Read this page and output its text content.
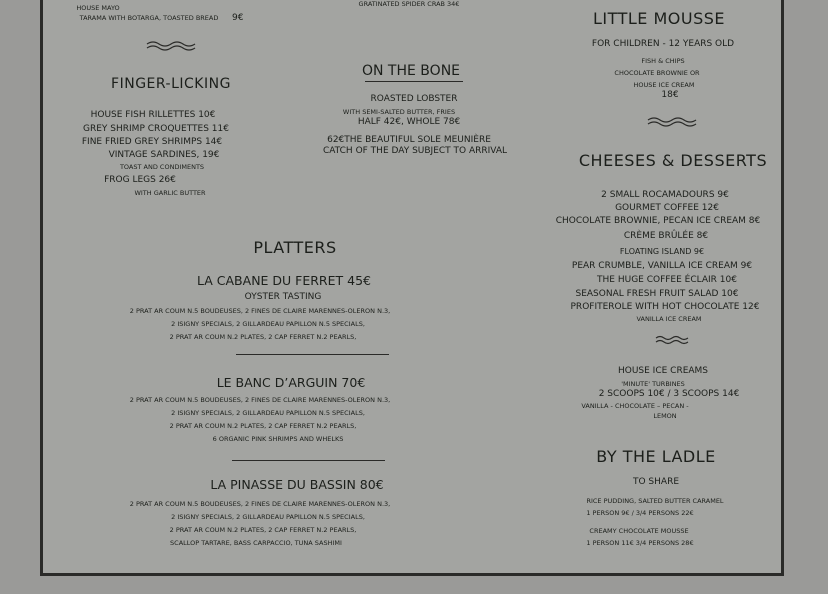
HOUSE MAYO
TARAMA WITH BOTARGA, TOASTED BREAD 9€
FINGER-LICKING
HOUSE FISH RILLETTES 10€
GREY SHRIMP CROQUETTES 11€
FINE FRIED GREY SHRIMPS 14€
VINTAGE SARDINES, 19€
TOAST AND CONDIMENTS
FROG LEGS 26€
WITH GARLIC BUTTER
GRATINATED SPIDER CRAB 34€
ON THE BONE
ROASTED LOBSTER
WITH SEMI-SALTED BUTTER, FRIES
HALF 42€, WHOLE 78€
62€THE BEAUTIFUL SOLE MEUNIÈRE
CATCH OF THE DAY SUBJECT TO ARRIVAL
PLATTERS
LA CABANE DU FERRET 45€
OYSTER TASTING
2 PRAT AR COUM N.5 BOUDEUSES, 2 FINES DE CLAIRE MARENNES-OLERON N.3,
2 ISIGNY SPECIALS, 2 GILLARDEAU PAPILLON N.5 SPECIALS,
2 PRAT AR COUM N.2 PLATES, 2 CAP FERRET N.2 PEARLS,
LE BANC D’ARGUIN 70€
2 PRAT AR COUM N.5 BOUDEUSES, 2 FINES DE CLAIRE MARENNES-OLERON N.3,
2 ISIGNY SPECIALS, 2 GILLARDEAU PAPILLON N.5 SPECIALS,
2 PRAT AR COUM N.2 PLATES, 2 CAP FERRET N.2 PEARLS,
6 ORGANIC PINK SHRIMPS AND WHELKS
LA PINASSE DU BASSIN 80€
2 PRAT AR COUM N.5 BOUDEUSES, 2 FINES DE CLAIRE MARENNES-OLERON N.3,
2 ISIGNY SPECIALS, 2 GILLARDEAU PAPILLON N.5 SPECIALS,
2 PRAT AR COUM N.2 PLATES, 2 CAP FERRET N.2 PEARLS,
SCALLOP TARTARE, BASS CARPACCIO, TUNA SASHIMI
LITTLE MOUSSE
FOR CHILDREN - 12 YEARS OLD
FISH & CHIPS
CHOCOLATE BROWNIE OR
HOUSE ICE CREAM
18€
CHEESES & DESSERTS
2 SMALL ROCAMADOURS 9€
GOURMET COFFEE 12€
CHOCOLATE BROWNIE, PECAN ICE CREAM 8€
CRÈME BRÛLÉE 8€
FLOATING ISLAND 9€
PEAR CRUMBLE, VANILLA ICE CREAM 9€
THE HUGE COFFEE ÉCLAIR 10€
SEASONAL FRESH FRUIT SALAD 10€
PROFITEROLE WITH HOT CHOCOLATE 12€
VANILLA ICE CREAM
HOUSE ICE CREAMS
'MINUTE' TURBINES
2 SCOOPS 10€ / 3 SCOOPS 14€
VANILLA - CHOCOLATE – PECAN -
LEMON
BY THE LADLE
TO SHARE
RICE PUDDING, SALTED BUTTER CARAMEL
1 PERSON 9€ / 3/4 PERSONS 22€
CREAMY CHOCOLATE MOUSSE
1 PERSON 11€ 3/4 PERSONS 28€
